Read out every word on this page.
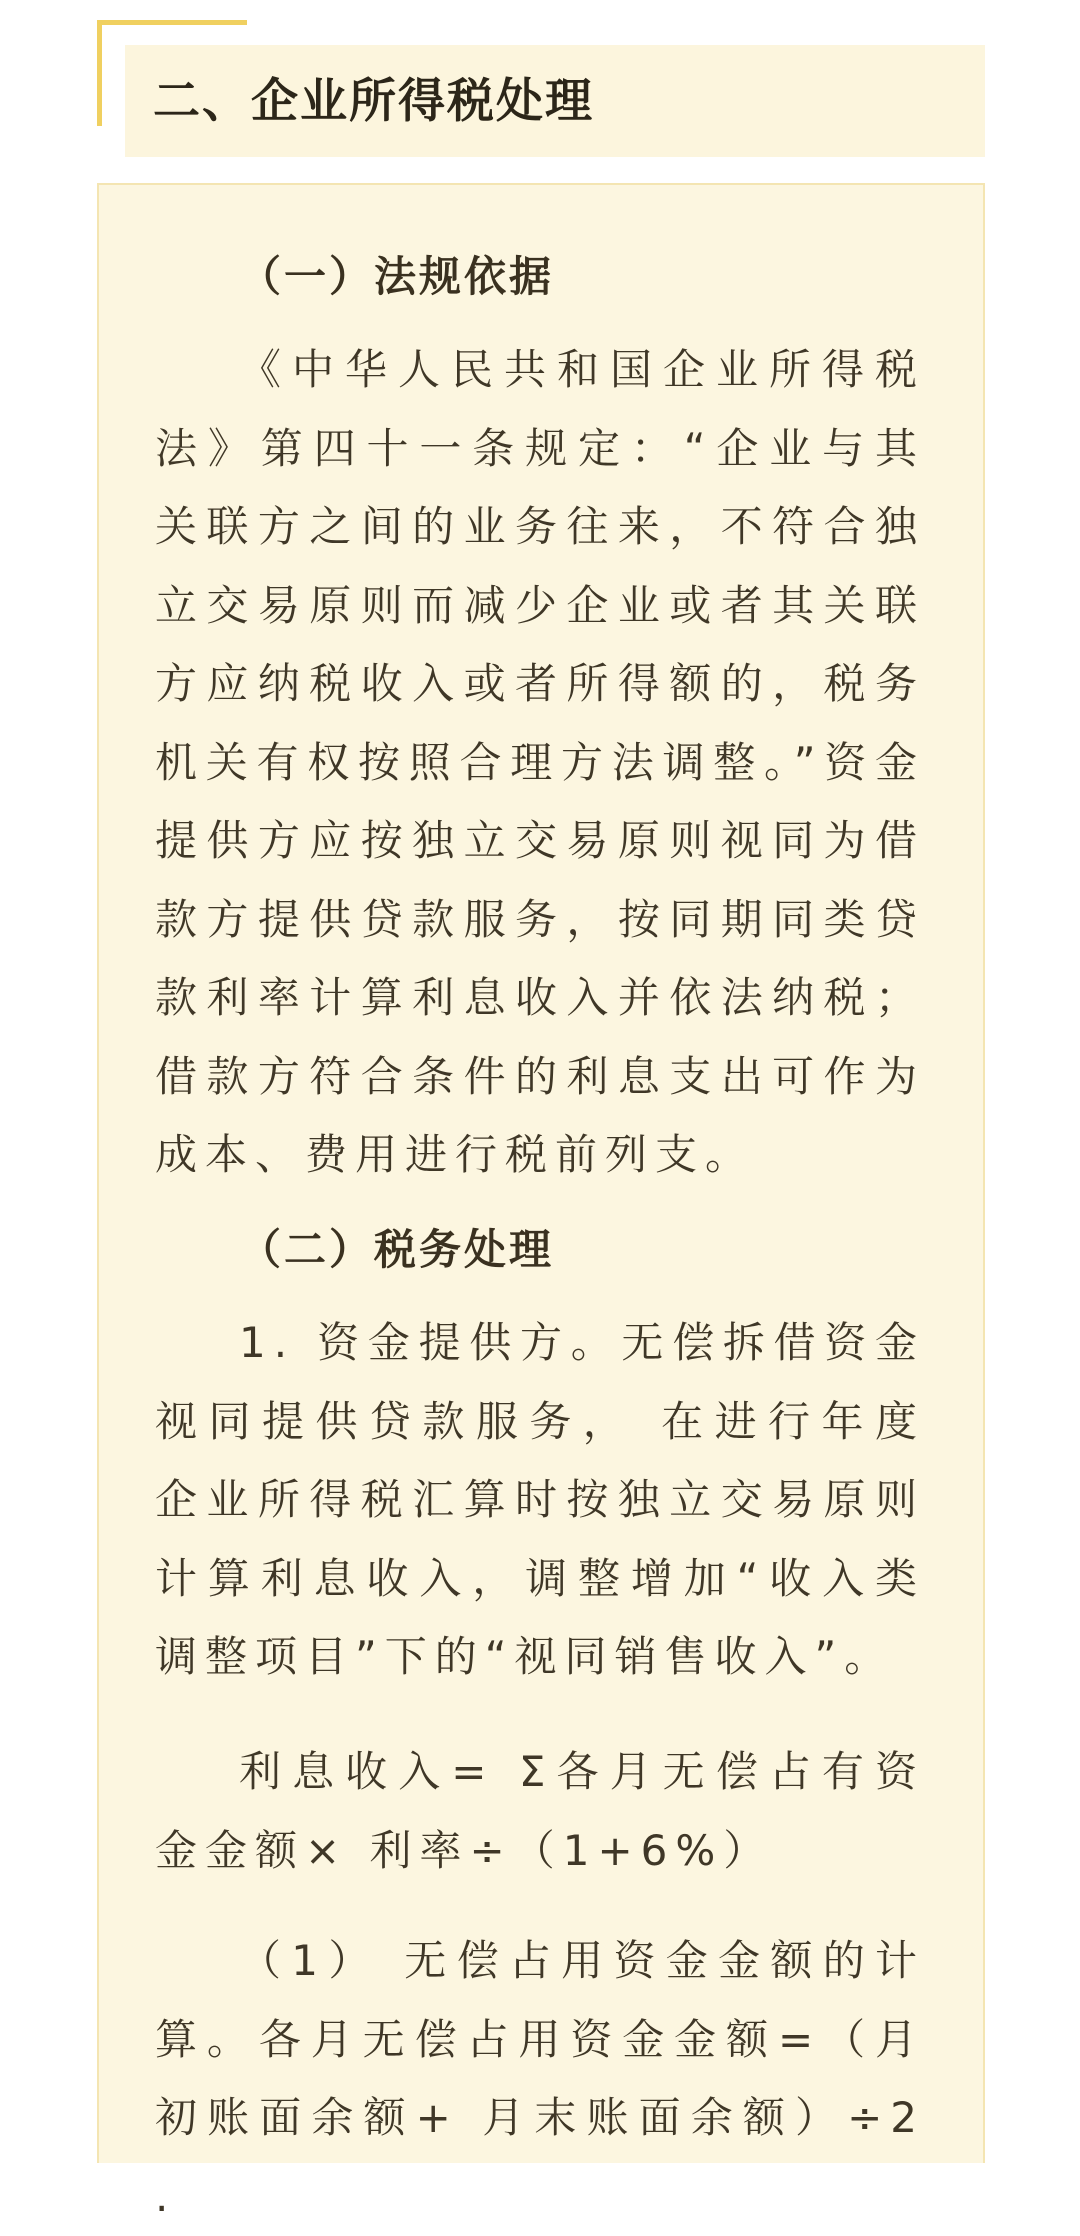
二、企业所得税处理

（一）法规依据

《中华人民共和国企业所得税法》第四十一条规定：“企业与其关联方之间的业务往来，不符合独立交易原则而减少企业或者其关联方应纳税收入或者所得额的，税务机关有权按照合理方法调整。”资金提供方应按独立交易原则视同为借款方提供贷款服务，按同期同类贷款利率计算利息收入并依法纳税；借款方符合条件的利息支出可作为成本、费用进行税前列支。

（二）税务处理

1. 资金提供方。无偿拆借资金视同提供贷款服务， 在进行年度企业所得税汇算时按独立交易原则计算利息收入，调整增加“收入类调整项目”下的“视同销售收入”。

利息收入= Σ各月无偿占有资金金额× 利率÷（1+6%）

（1） 无偿占用资金金额的计算。各月无偿占用资金金额=（月初账面余额+ 月末账面余额）÷2 .
